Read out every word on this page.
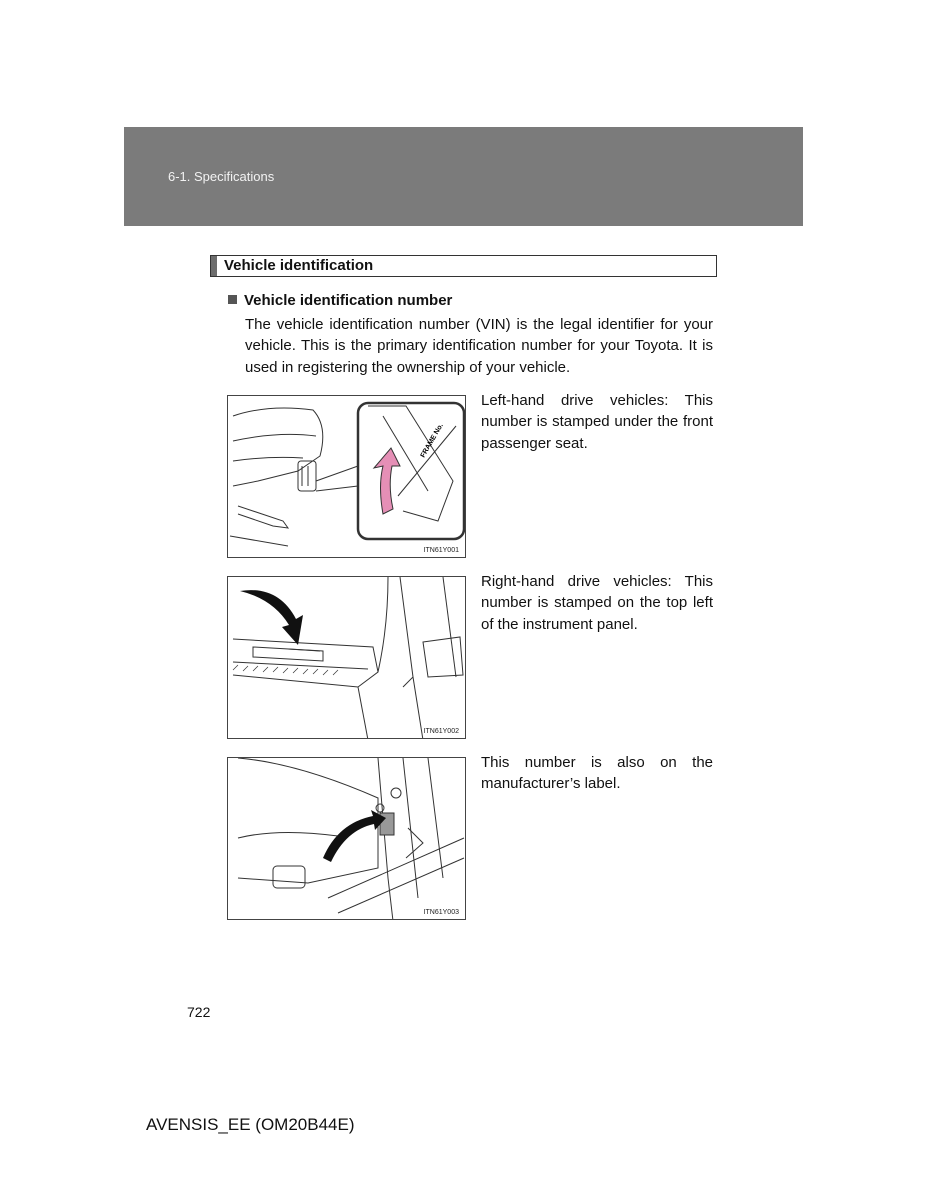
6-1. Specifications
Vehicle identification
Vehicle identification number
The vehicle identification number (VIN) is the legal identifier for your vehicle. This is the primary identification number for your Toyota. It is used in registering the ownership of your vehicle.
FRAME No.
ITN61Y001
Left-hand drive vehicles: This number is stamped under the front passenger seat.
ITN61Y002
Right-hand drive vehicles: This number is stamped on the top left of the instrument panel.
ITN61Y003
This number is also on the manufacturer’s label.
722
AVENSIS_EE (OM20B44E)
